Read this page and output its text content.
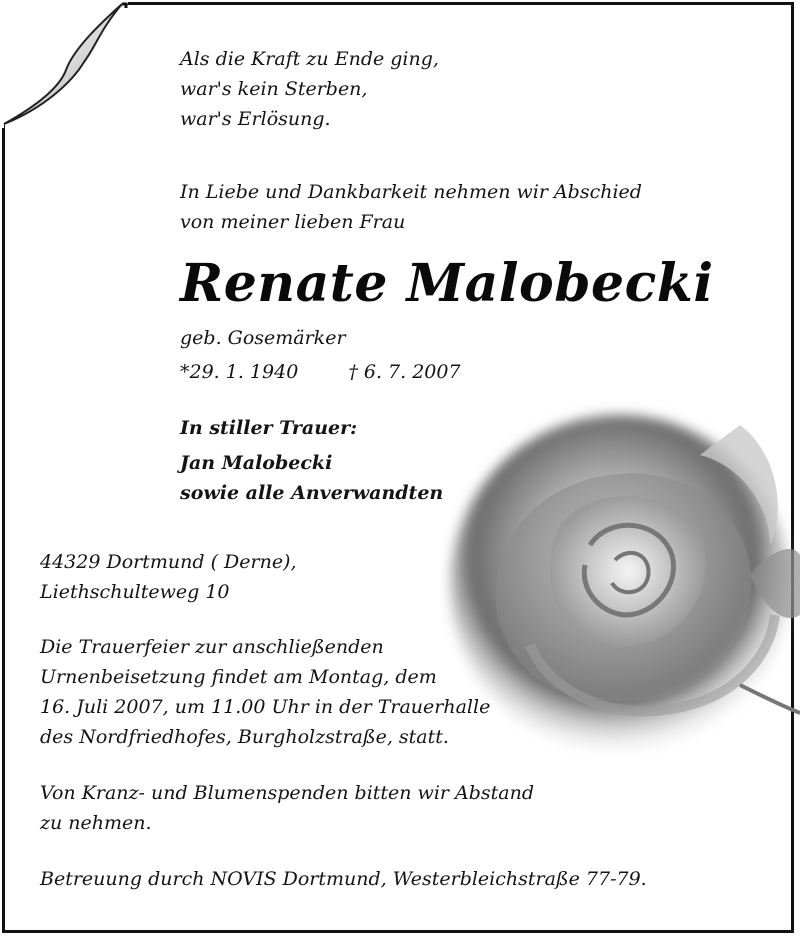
Als die Kraft zu Ende ging,

war's kein Sterben,

war's Erlösung.

In Liebe und Dankbarkeit nehmen wir Abschied

von meiner lieben Frau

Renate Malobecki

geb. Gosemärker

*29. 1. 1940	† 6. 7. 2007

In stiller Trauer:

Jan Malobecki

sowie alle Anverwandten

44329 Dortmund ( Derne),

Liethschulteweg 10

Die Trauerfeier zur anschließenden

Urnenbeisetzung findet am Montag, dem

16. Juli 2007, um 11.00 Uhr in der Trauerhalle

des Nordfriedhofes, Burgholzstraße, statt.

Von Kranz- und Blumenspenden bitten wir Abstand

zu nehmen.

Betreuung durch NOVIS Dortmund, Westerbleichstraße 77-79.
